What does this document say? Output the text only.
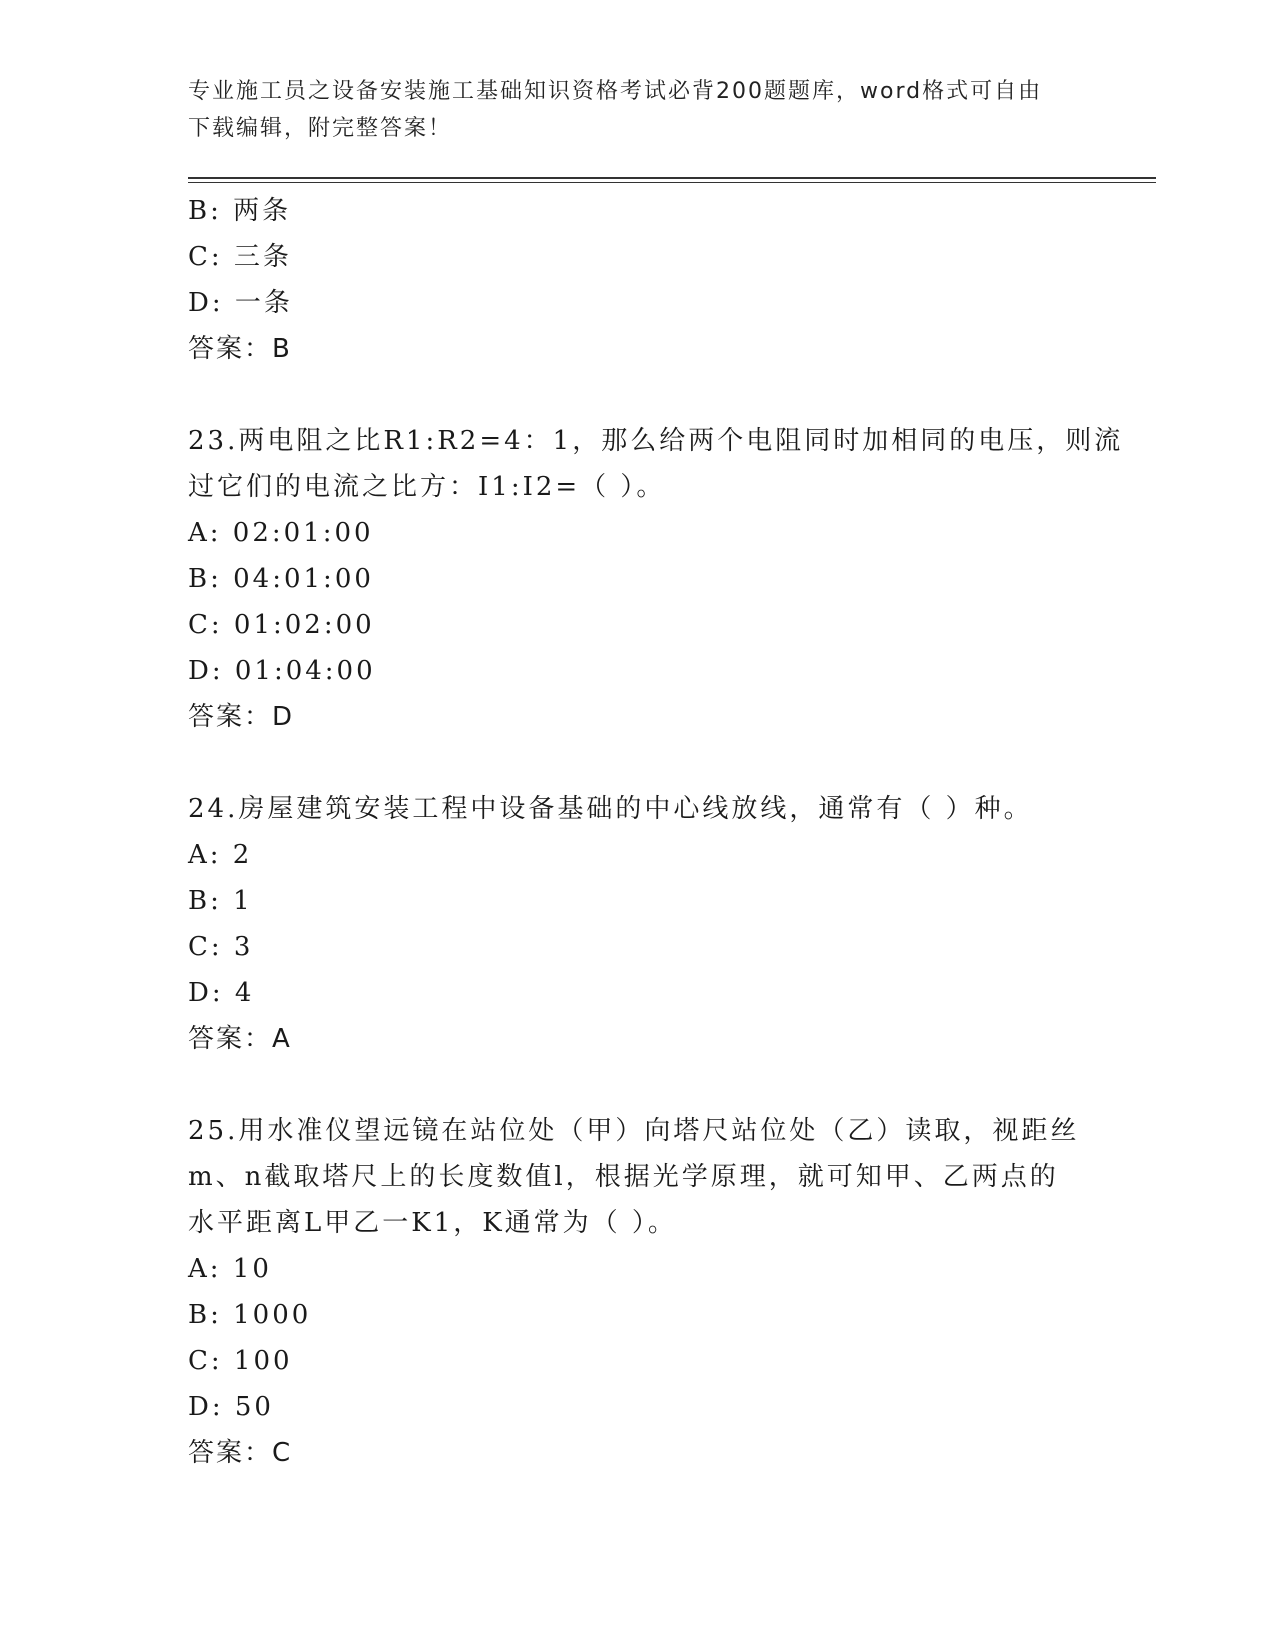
专业施工员之设备安装施工基础知识资格考试必背200题题库，word格式可自由
下载编辑，附完整答案！
B: 两条
C: 三条
D: 一条
答案：B
23.两电阻之比R1:R2=4：1，那么给两个电阻同时加相同的电压，则流
过它们的电流之比方：I1:I2=（ ）。
A: 02:01:00
B: 04:01:00
C: 01:02:00
D: 01:04:00
答案：D
24.房屋建筑安装工程中设备基础的中心线放线，通常有（ ）种。
A: 2
B: 1
C: 3
D: 4
答案：A
25.用水准仪望远镜在站位处（甲）向塔尺站位处（乙）读取，视距丝
m、n截取塔尺上的长度数值l，根据光学原理，就可知甲、乙两点的
水平距离L甲乙一K1，K通常为（ ）。
A: 10
B: 1000
C: 100
D: 50
答案：C
